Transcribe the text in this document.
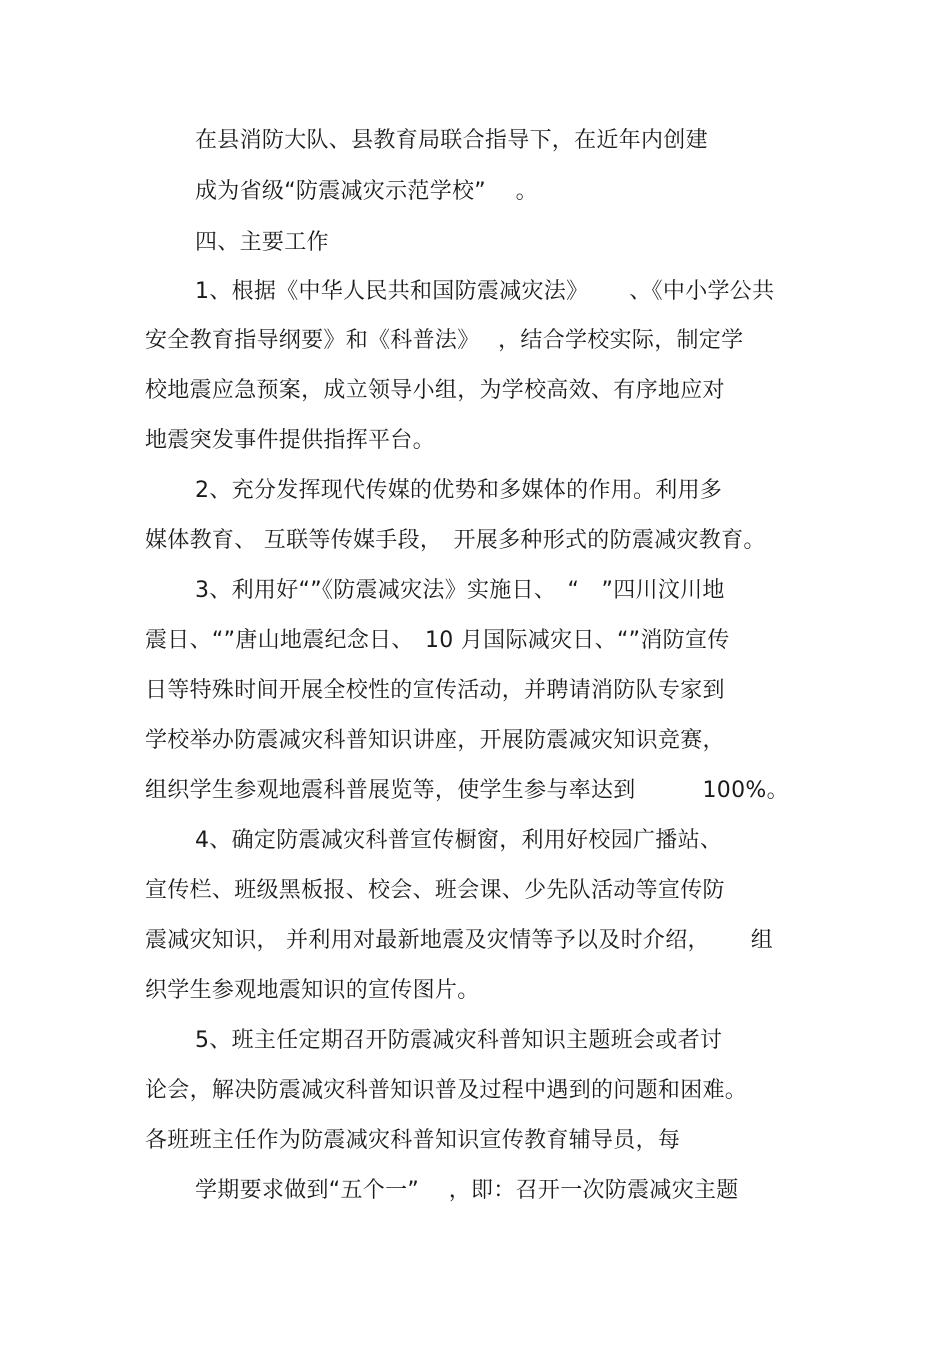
在县消防大队、县教育局联合指导下，在近年内创建
成为省级“防震减灾示范学校”　 。
四、主要工作
1、根据《中华人民共和国防震减灾法》　　 、《中小学公共
安全教育指导纲要》和《科普法》　 ，结合学校实际，制定学
校地震应急预案，成立领导小组，为学校高效、有序地应对
地震突发事件提供指挥平台。
2、充分发挥现代传媒的优势和多媒体的作用。利用多
媒体教育、 互联等传媒手段，　开展多种形式的防震减灾教育。
3、利用好“”《防震减灾法》实施日、　“　”四川汶川地
震日、“”唐山地震纪念日、　10 月国际减灾日、“”消防宣传
日等特殊时间开展全校性的宣传活动，并聘请消防队专家到
学校举办防震减灾科普知识讲座，开展防震减灾知识竞赛，
组织学生参观地震科普展览等，使学生参与率达到　　　100%。
4、确定防震减灾科普宣传橱窗，利用好校园广播站、
宣传栏、班级黑板报、校会、班会课、少先队活动等宣传防
震减灾知识， 并利用对最新地震及灾情等予以及时介绍，　　 组
织学生参观地震知识的宣传图片。
5、班主任定期召开防震减灾科普知识主题班会或者讨
论会，解决防震减灾科普知识普及过程中遇到的问题和困难。
各班班主任作为防震减灾科普知识宣传教育辅导员，每
学期要求做到“五个一”　 ，即：召开一次防震减灾主题
